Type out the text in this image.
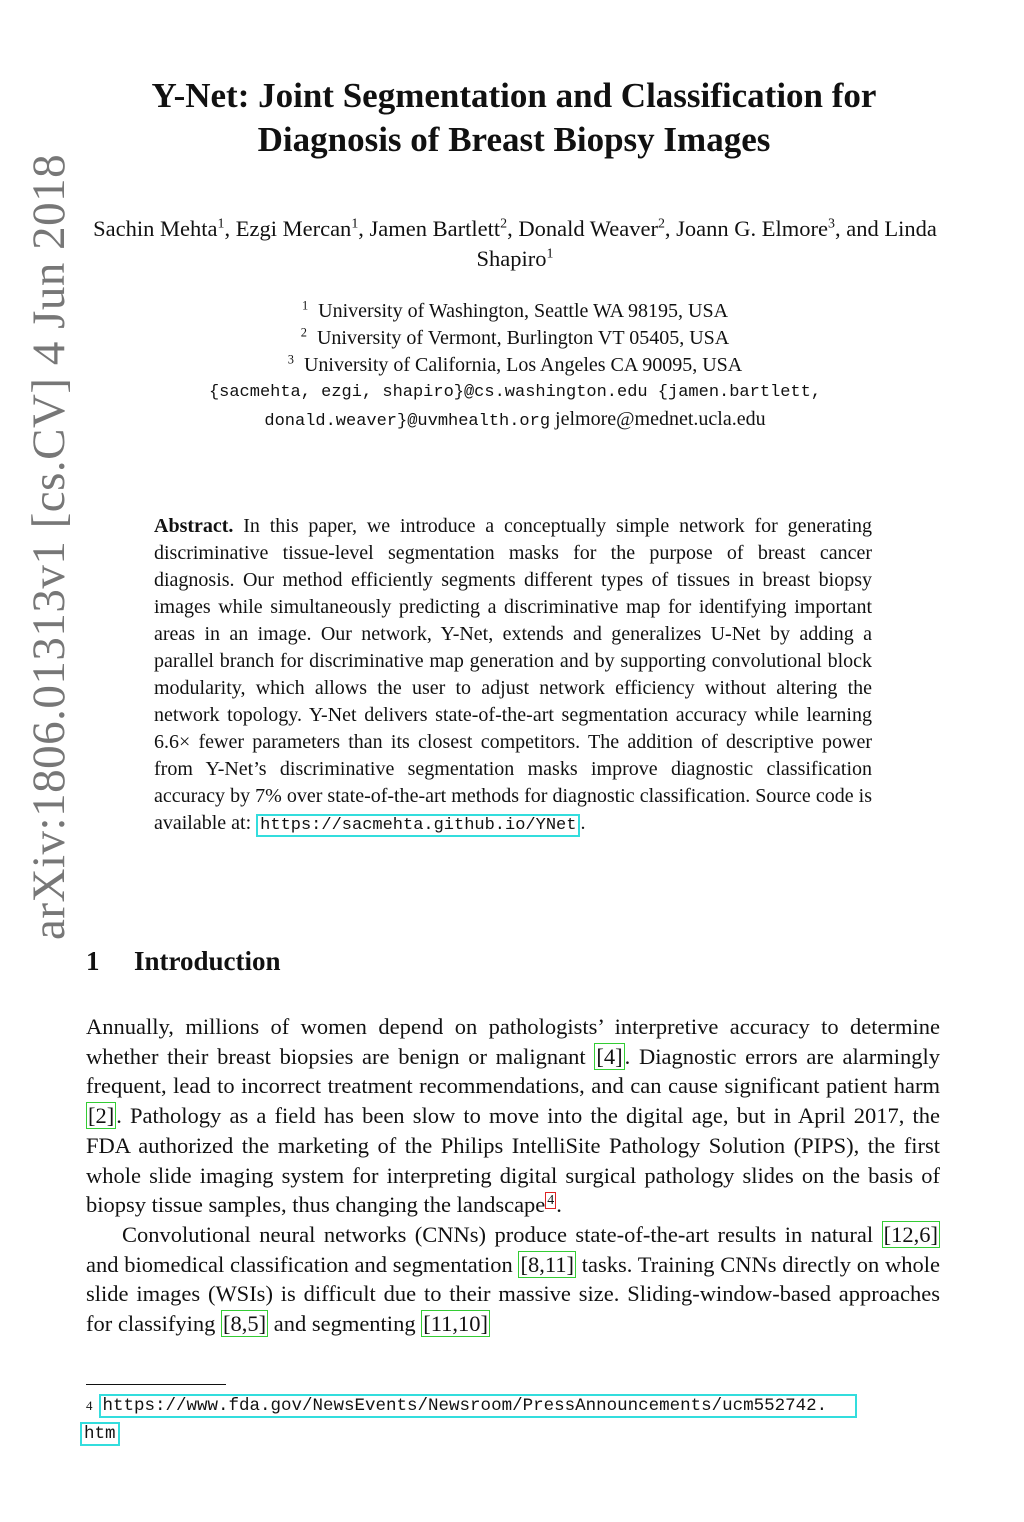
arXiv:1806.01313v1 [cs.CV] 4 Jun 2018
Y-Net: Joint Segmentation and Classification for
Diagnosis of Breast Biopsy Images
Sachin Mehta$^1$, Ezgi Mercan$^1$, Jamen Bartlett$^2$, Donald Weaver$^2$, Joann G. Elmore$^3$, and Linda Shapiro$^1$
$^1$ University of Washington, Seattle WA 98195, USA
$^2$ University of Vermont, Burlington VT 05405, USA
$^3$ University of California, Los Angeles CA 90095, USA
{sacmehta, ezgi, shapiro}@cs.washington.edu {jamen.bartlett,
donald.weaver}@uvmhealth.org jelmore@mednet.ucla.edu
Abstract. In this paper, we introduce a conceptually simple network for generating discriminative tissue-level segmentation masks for the purpose of breast cancer diagnosis. Our method efficiently segments different types of tissues in breast biopsy images while simultaneously predicting a discriminative map for identifying important areas in an image. Our network, Y-Net, extends and generalizes U-Net by adding a parallel branch for discriminative map generation and by supporting convolutional block modularity, which allows the user to adjust network efficiency without altering the network topology. Y-Net delivers state-of-the-art segmentation accuracy while learning 6.6× fewer parameters than its closest competitors. The addition of descriptive power from Y-Net’s discriminative segmentation masks improve diagnostic classification accuracy by 7% over state-of-the-art methods for diagnostic classification. Source code is available at: https://sacmehta.github.io/YNet .
1 Introduction

Annually, millions of women depend on pathologists’ interpretive accuracy to determine whether their breast biopsies are benign or malignant [4]. Diagnostic errors are alarmingly frequent, lead to incorrect treatment recommendations, and can cause significant patient harm [2]. Pathology as a field has been slow to move into the digital age, but in April 2017, the FDA authorized the marketing of the Philips IntelliSite Pathology Solution (PIPS), the first whole slide imaging system for interpreting digital surgical pathology slides on the basis of biopsy tissue samples, thus changing the landscape $^4$.

Convolutional neural networks (CNNs) produce state-of-the-art results in natural [12,6] and biomedical classification and segmentation [8,11] tasks. Training CNNs directly on whole slide images (WSIs) is difficult due to their massive size. Sliding-window-based approaches for classifying [8,5] and segmenting [11,10]

$^4$ https://www.fda.gov/NewsEvents/Newsroom/PressAnnouncements/ucm552742.
htm
